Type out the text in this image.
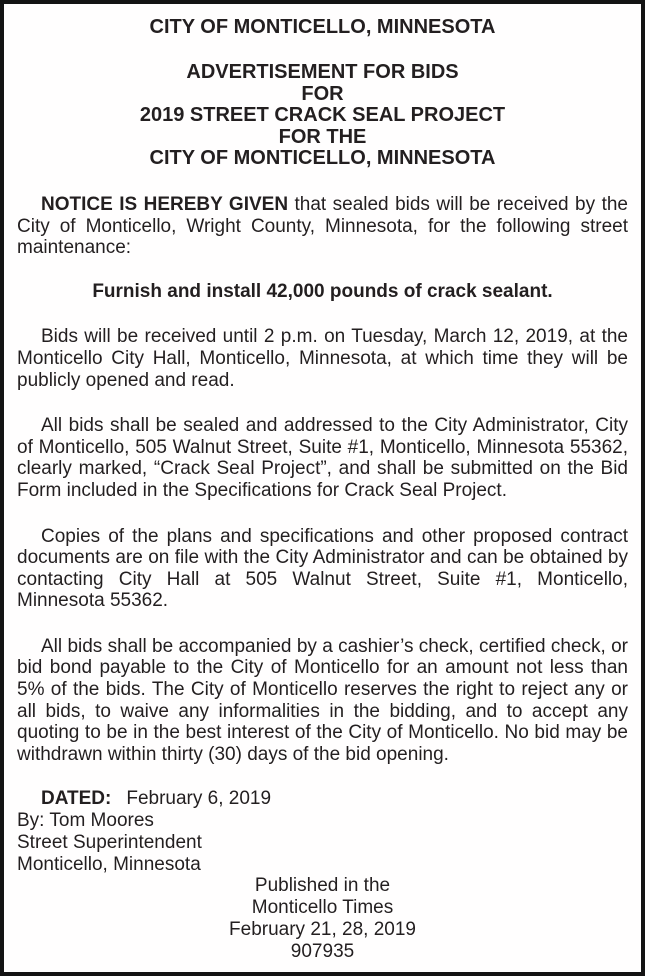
CITY OF MONTICELLO, MINNESOTA
ADVERTISEMENT FOR BIDS
FOR
2019 STREET CRACK SEAL PROJECT
FOR THE
CITY OF MONTICELLO, MINNESOTA

NOTICE IS HEREBY GIVEN that sealed bids will be received by the City of Monticello, Wright County, Minnesota, for the following street maintenance:

Furnish and install 42,000 pounds of crack sealant.

Bids will be received until 2 p.m. on Tuesday, March 12, 2019, at the Monticello City Hall, Monticello, Minnesota, at which time they will be publicly opened and read.

All bids shall be sealed and addressed to the City Administrator, City of Monticello, 505 Walnut Street, Suite #1, Monticello, Minnesota 55362, clearly marked, “Crack Seal Project”, and shall be submitted on the Bid Form included in the Specifications for Crack Seal Project.

Copies of the plans and specifications and other proposed contract documents are on file with the City Administrator and can be obtained by contacting City Hall at 505 Walnut Street, Suite #1, Monticello, Minnesota 55362.

All bids shall be accompanied by a cashier’s check, certified check, or bid bond payable to the City of Monticello for an amount not less than 5% of the bids. The City of Monticello reserves the right to reject any or all bids, to waive any informalities in the bidding, and to accept any quoting to be in the best interest of the City of Monticello. No bid may be withdrawn within thirty (30) days of the bid opening.

DATED: February 6, 2019

By: Tom Moores
Street Superintendent
Monticello, Minnesota
Published in the
Monticello Times
February 21, 28, 2019
907935
